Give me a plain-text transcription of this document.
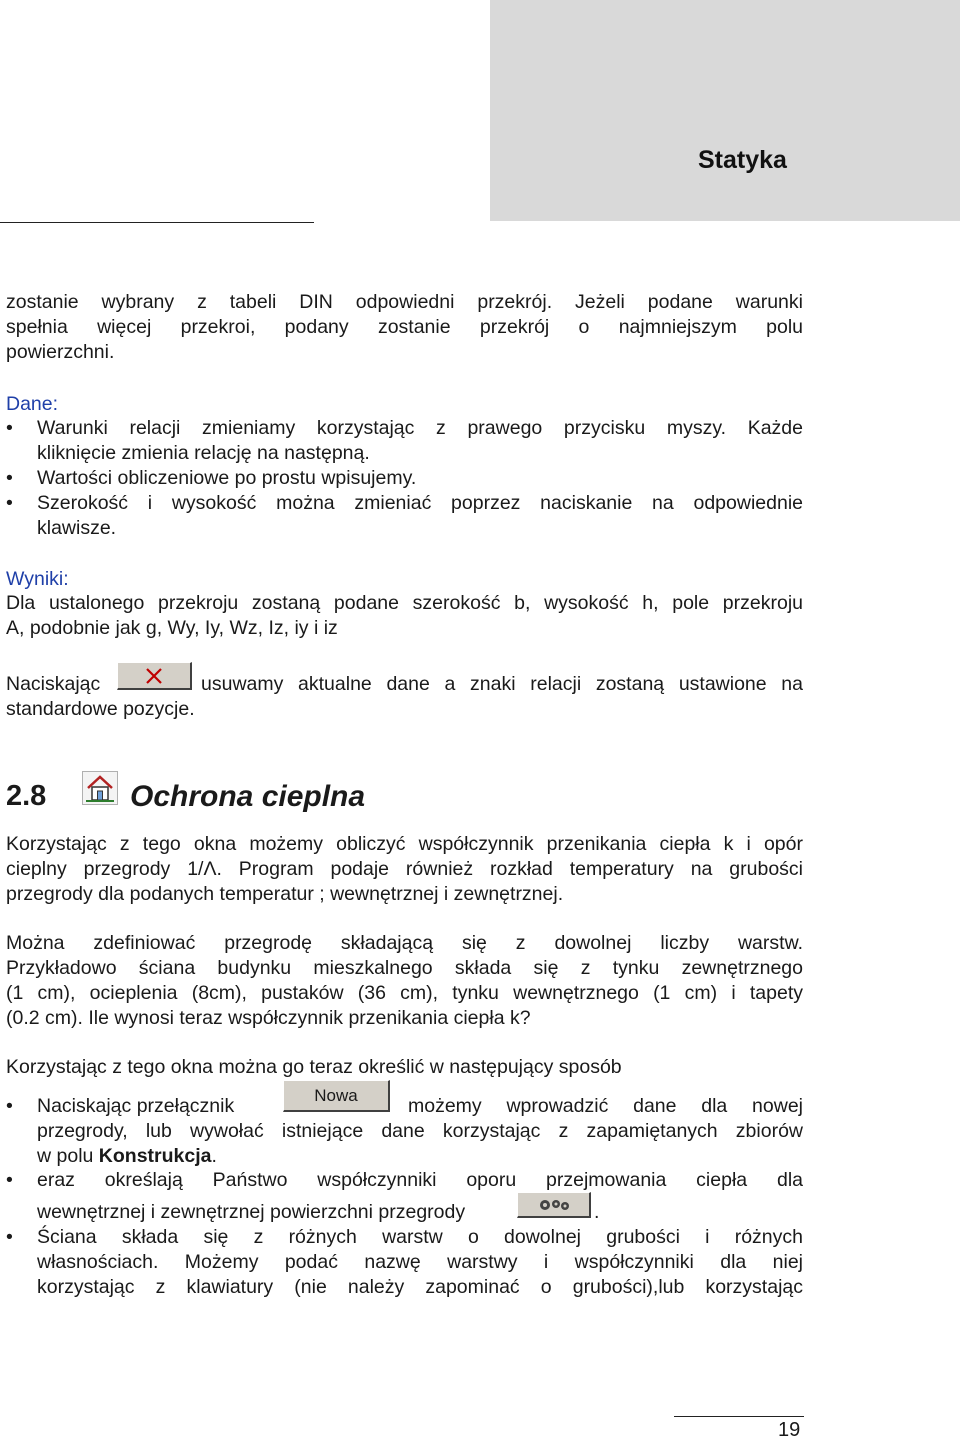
Statyka

zostanie wybrany z tabeli DIN odpowiedni przekrój. Jeżeli podane warunki

spełnia więcej przekroi, podany zostanie przekrój o najmniejszym polu

powierzchni.

Dane:
• Warunki relacji zmieniamy korzystając z prawego przycisku myszy. Każde

kliknięcie zmienia relację na następną.

• Wartości obliczeniowe po prostu wpisujemy.

• Szerokość i wysokość można zmieniać poprzez naciskanie na odpowiednie

klawisze.

Wyniki:

Dla ustalonego przekroju zostaną podane szerokość b, wysokość h, pole przekroju

A, podobnie jak g, Wy, Iy, Wz, Iz, iy i iz

Naciskając	usuwamy aktualne dane a znaki relacji zostaną ustawione na
standardowe pozycje.
2.8	Ochrona cieplna

Korzystając z tego okna możemy obliczyć współczynnik przenikania ciepła k i opór

cieplny przegrody 1/Λ. Program podaje również rozkład temperatury na grubości

przegrody dla podanych temperatur ; wewnętrznej i zewnętrznej.

Można zdefiniować przegrodę składającą się z dowolnej liczby warstw.

Przykładowo ściana budynku mieszkalnego składa się z tynku zewnętrznego

(1 cm), ocieplenia (8cm), pustaków (36 cm), tynku wewnętrznego (1 cm) i tapety

(0.2 cm). Ile wynosi teraz współczynnik przenikania ciepła k?

Korzystając z tego okna można go teraz określić w następujący sposób

• Naciskając przełącznik	Nowa	możemy wprowadzić dane dla nowej

przegrody, lub wywołać istniejące dane korzystając z zapamiętanych zbiorów

w polu Konstrukcja.

• eraz określają Państwo współczynniki oporu przejmowania ciepła dla

wewnętrznej i zewnętrznej powierzchni przegrody	.
• Ściana składa się z różnych warstw o dowolnej grubości i różnych

własnościach. Możemy podać nazwę warstwy i współczynniki dla niej

korzystając z klawiatury (nie należy zapominać o grubości),lub korzystając

19
